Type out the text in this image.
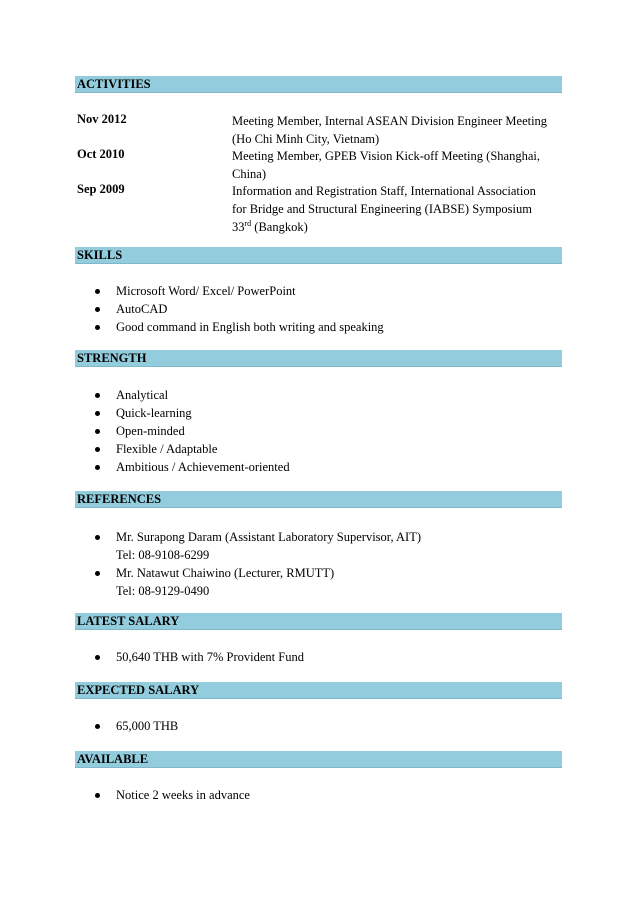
ACTIVITIES
Nov 2012	Meeting Member, Internal ASEAN Division Engineer Meeting
(Ho Chi Minh City, Vietnam)
Oct 2010	Meeting Member, GPEB Vision Kick-off Meeting (Shanghai,
China)
Sep 2009	Information and Registration Staff, International Association
for Bridge and Structural Engineering (IABSE) Symposium
33rd (Bangkok)
SKILLS
Microsoft Word/ Excel/ PowerPoint
AutoCAD
Good command in English both writing and speaking
STRENGTH
Analytical
Quick-learning
Open-minded
Flexible / Adaptable
Ambitious / Achievement-oriented
REFERENCES
Mr. Surapong Daram (Assistant Laboratory Supervisor, AIT)
Tel: 08-9108-6299
Mr. Natawut Chaiwino (Lecturer, RMUTT)
Tel: 08-9129-0490
LATEST SALARY
50,640 THB with 7% Provident Fund
EXPECTED SALARY
65,000 THB
AVAILABLE
Notice 2 weeks in advance
